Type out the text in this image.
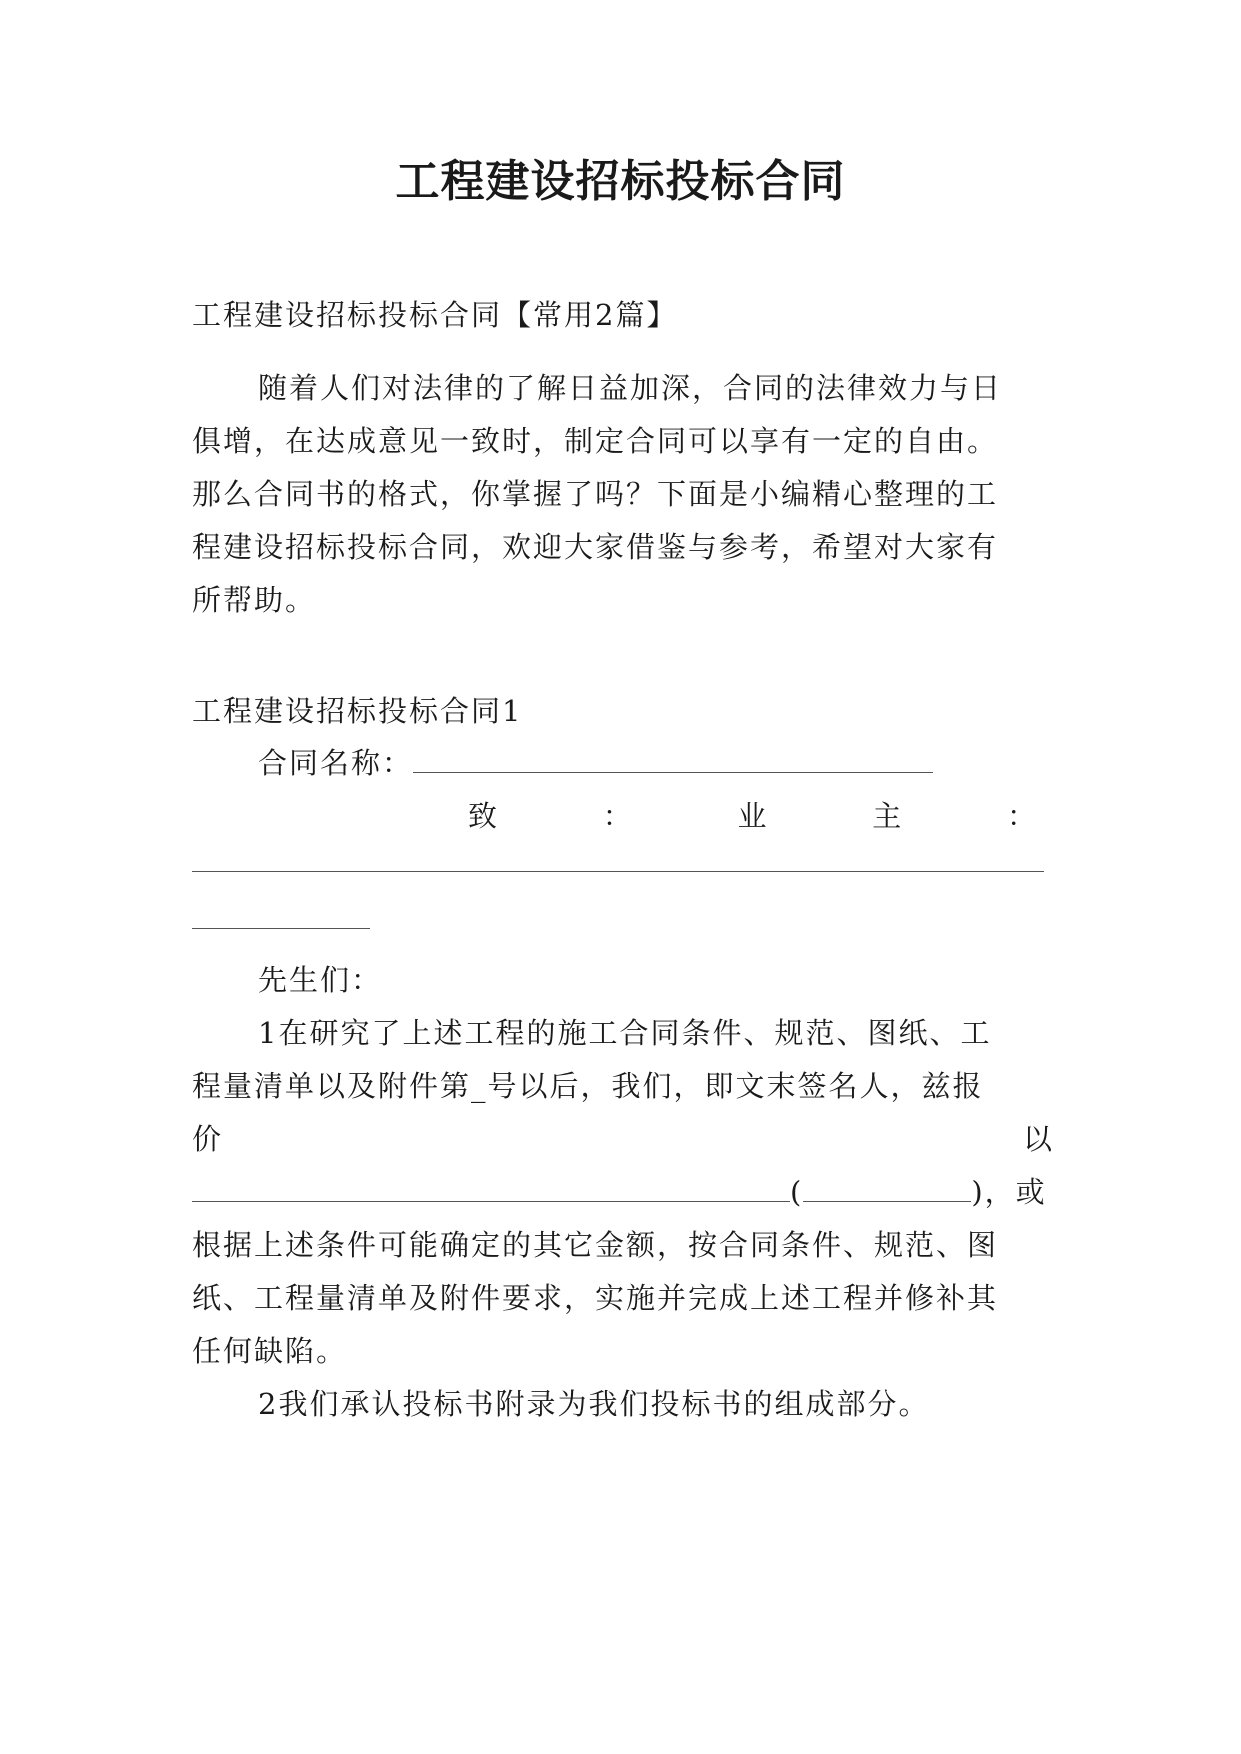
工程建设招标投标合同
工程建设招标投标合同【常用2篇】
随着人们对法律的了解日益加深，合同的法律效力与日
俱增，在达成意见一致时，制定合同可以享有一定的自由。
那么合同书的格式，你掌握了吗？下面是小编精心整理的工
程建设招标投标合同，欢迎大家借鉴与参考，希望对大家有
所帮助。
工程建设招标投标合同1
合同名称：
致	：	业	主	：
先生们：
1在研究了上述工程的施工合同条件、规范、图纸、工
程量清单以及附件第_号以后，我们，即文末签名人，兹报
价	以
(	)，或
根据上述条件可能确定的其它金额，按合同条件、规范、图
纸、工程量清单及附件要求，实施并完成上述工程并修补其
任何缺陷。
2我们承认投标书附录为我们投标书的组成部分。
